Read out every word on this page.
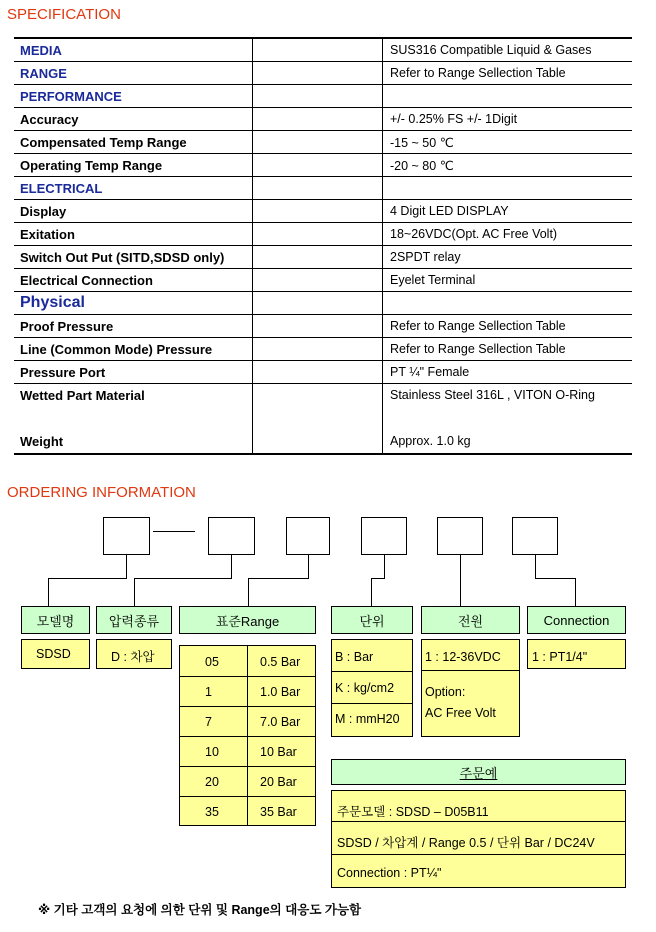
SPECIFICATION
MEDIA	SUS316 Compatible Liquid & Gases
RANGE	Refer to Range Sellection Table
PERFORMANCE
Accuracy	+/- 0.25% FS +/- 1Digit
Compensated Temp Range	-15 ~ 50 ℃
Operating Temp Range	-20 ~ 80 ℃
ELECTRICAL
Display	4 Digit LED DISPLAY
Exitation	18~26VDC(Opt. AC Free Volt)
Switch Out Put (SITD,SDSD only)	2SPDT relay
Electrical Connection	Eyelet Terminal
Physical
Proof Pressure	Refer to Range Sellection Table
Line (Common Mode) Pressure	Refer to Range Sellection Table
Pressure Port	PT ¼" Female
Wetted Part Material	Stainless Steel 316L , VITON O-Ring
Weight	Approx. 1.0 kg
ORDERING INFORMATION
모델명	압력종류	표준Range	단위	전원	Connection
SDSD	D : 차압	05	0.5 Bar
1	1.0 Bar
7	7.0 Bar
10	10 Bar
20	20 Bar
35	35 Bar
B : Bar
K : kg/cm2
M : mmH20
1 : 12-36VDC
Option:
AC Free Volt
1 : PT1/4"
주문예
주문모델 : SDSD – D05B11
SDSD / 차압계 / Range 0.5 / 단위 Bar / DC24V
Connection : PT¼"
※ 기타 고객의 요청에 의한 단위 및 Range의 대응도 가능함
